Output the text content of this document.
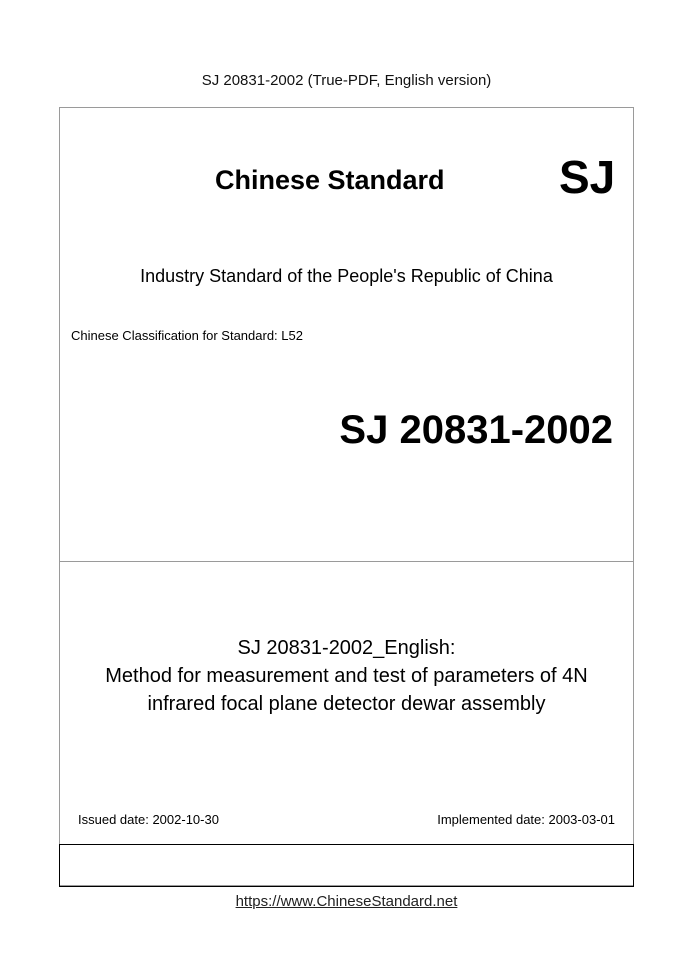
SJ 20831-2002 (True-PDF, English version)
Chinese Standard SJ
Industry Standard of the People's Republic of China
Chinese Classification for Standard: L52
SJ 20831-2002
SJ 20831-2002_English:
Method for measurement and test of parameters of 4N
infrared focal plane detector dewar assembly
Issued date: 2002-10-30	Implemented date: 2003-03-01
https://www.ChineseStandard.net
